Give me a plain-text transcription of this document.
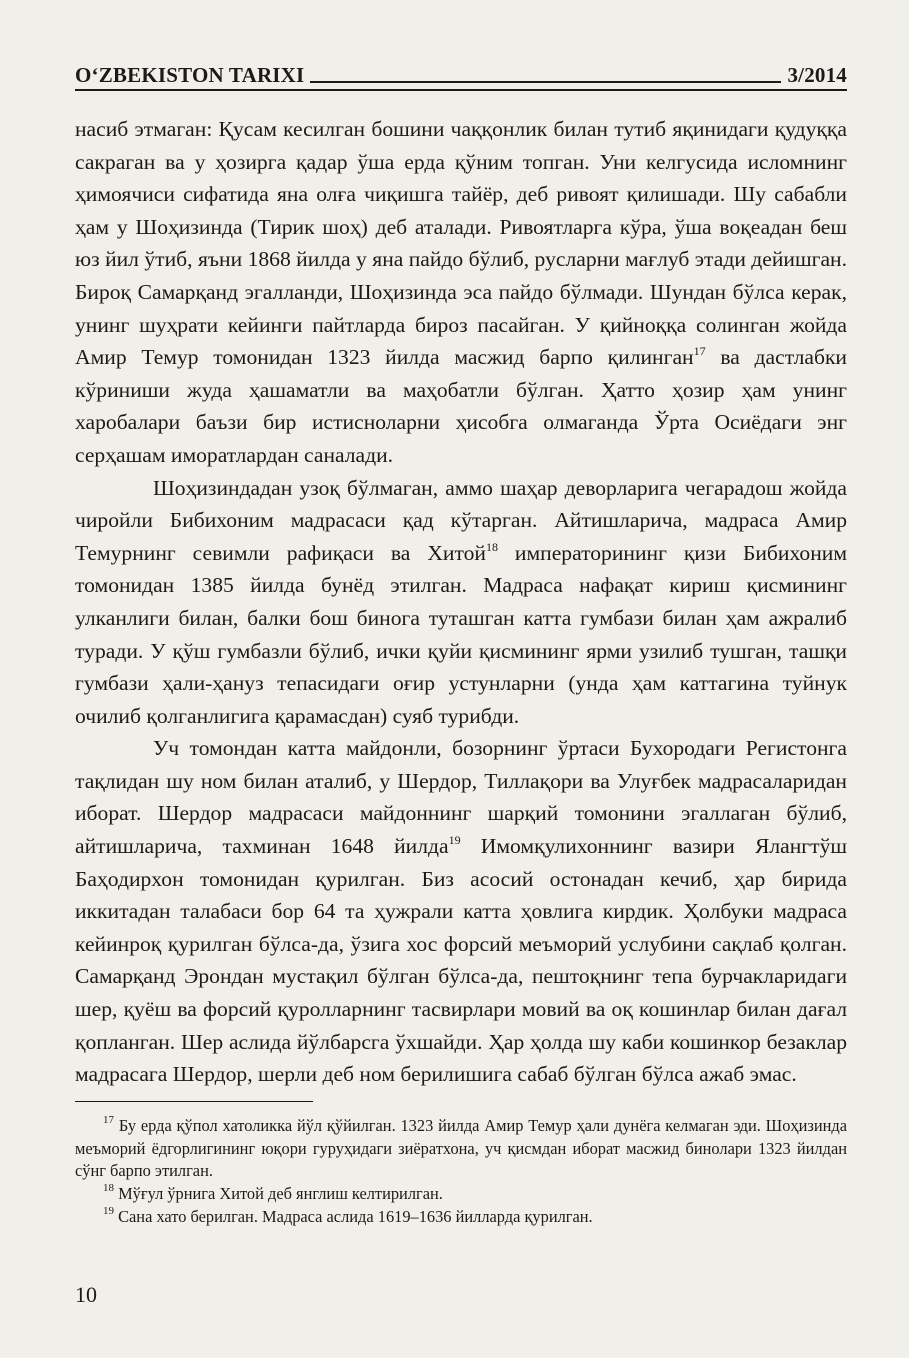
O‘ZBEKISTON TARIXI	3/2014

насиб этмаган: Қусам кесилган бошини чаққонлик билан тутиб яқинидаги қудуққа сакраган ва у ҳозирга қадар ўша ерда қўним топган. Уни келгусида исломнинг ҳимоячиси сифатида яна олға чиқишга тайёр, деб ривоят қилишади. Шу сабабли ҳам у Шоҳизинда (Тирик шоҳ) деб аталади. Ривоятларга кўра, ўша воқеадан беш юз йил ўтиб, яъни 1868 йилда у яна пайдо бўлиб, русларни мағлуб этади дейишган. Бироқ Самарқанд эгалланди, Шоҳизинда эса пайдо бўлмади. Шундан бўлса керак, унинг шуҳрати кейинги пайтларда бироз пасайган. У қийноққа солинган жойда Амир Темур томонидан 1323 йилда масжид барпо қилинган$^{17}$ ва дастлабки кўриниши жуда ҳашаматли ва маҳобатли бўлган. Ҳатто ҳозир ҳам унинг харобалари баъзи бир истисноларни ҳисобга олмаганда Ўрта Осиёдаги энг серҳашам иморатлардан саналади.

Шоҳизиндадан узоқ бўлмаган, аммо шаҳар деворларига чегарадош жойда чиройли Бибихоним мадрасаси қад кўтарган. Айтишларича, мадраса Амир Темурнинг севимли рафиқаси ва Хитой$^{18}$ императорининг қизи Бибихоним томонидан 1385 йилда бунёд этилган. Мадраса нафақат кириш қисмининг улканлиги билан, балки бош бинога туташган катта гумбази билан ҳам ажралиб туради. У қўш гумбазли бўлиб, ички қуйи қисмининг ярми узилиб тушган, ташқи гумбази ҳали-ҳануз тепасидаги оғир устунларни (унда ҳам каттагина туйнук очилиб қолганлигига қарамасдан) суяб турибди.

Уч томондан катта майдонли, бозорнинг ўртаси Бухородаги Регистонга тақлидан шу ном билан аталиб, у Шердор, Тиллақори ва Улуғбек мадрасаларидан иборат. Шердор мадрасаси майдоннинг шарқий томонини эгаллаган бўлиб, айтишларича, тахминан 1648 йилда$^{19}$ Имомқулихоннинг вазири Ялангтўш Баҳодирхон томонидан қурилган. Биз асосий остонадан кечиб, ҳар бирида иккитадан талабаси бор 64 та ҳужрали катта ҳовлига кирдик. Ҳолбуки мадраса кейинроқ қурилган бўлса-да, ўзига хос форсий меъморий услубини сақлаб қолган. Самарқанд Эрондан мустақил бўлган бўлса-да, пештоқнинг тепа бурчакларидаги шер, қуёш ва форсий қуролларнинг тасвирлари мовий ва оқ кошинлар билан дағал қопланган. Шер аслида йўлбарсга ўхшайди. Ҳар ҳолда шу каби кошинкор безаклар мадрасага Шердор, шерли деб ном берилишига сабаб бўлган бўлса ажаб эмас.

$^{17}$ Бу ерда қўпол хатоликка йўл қўйилган. 1323 йилда Амир Темур ҳали дунёга келмаган эди. Шоҳизинда меъморий ёдгорлигининг юқори гуруҳидаги зиёратхона, уч қисмдан иборат масжид бинолари 1323 йилдан сўнг барпо этилган.

$^{18}$ Мўғул ўрнига Хитой деб янглиш келтирилган.

$^{19}$ Сана хато берилган. Мадраса аслида 1619–1636 йилларда қурилган.

10
